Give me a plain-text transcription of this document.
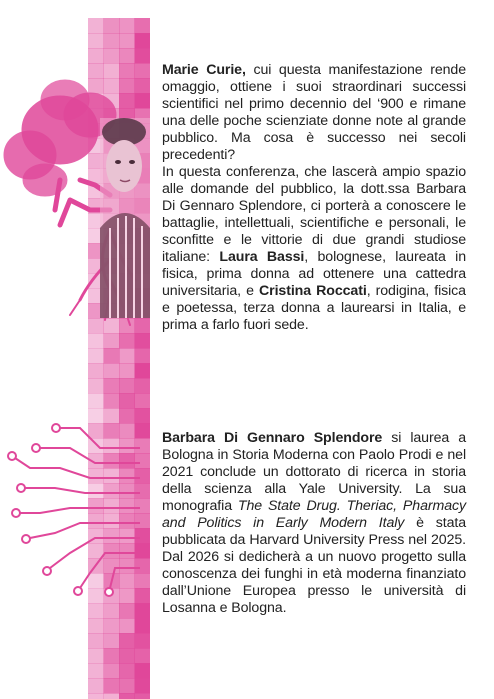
Marie Curie, cui questa manifestazione rende omaggio, ottiene i suoi straordinari successi scientifici nel primo decennio del ‘900 e rimane una delle poche scienziate donne note al grande pubblico. Ma cosa è successo nei secoli precedenti?

In questa conferenza, che lascerà ampio spazio alle domande del pubblico, la dott.ssa Barbara Di Gennaro Splendore, ci porterà a conoscere le battaglie, intellettuali, scientifiche e personali, le sconfitte e le vittorie di due grandi studiose italiane: Laura Bassi, bolognese, laureata in fisica, prima donna ad ottenere una cattedra universitaria, e Cristina Roccati, rodigina, fisica e poetessa, terza donna a laurearsi in Italia, e prima a farlo fuori sede.

Barbara Di Gennaro Splendore si laurea a Bologna in Storia Moderna con Paolo Prodi e nel 2021 conclude un dottorato di ricerca in storia della scienza alla Yale University. La sua monografia The State Drug. Theriac, Pharmacy and Politics in Early Modern Italy è stata pubblicata da Harvard University Press nel 2025. Dal 2026 si dedicherà a un nuovo progetto sulla conoscenza dei funghi in età moderna finanziato dall’Unione Europea presso le università di Losanna e Bologna.
